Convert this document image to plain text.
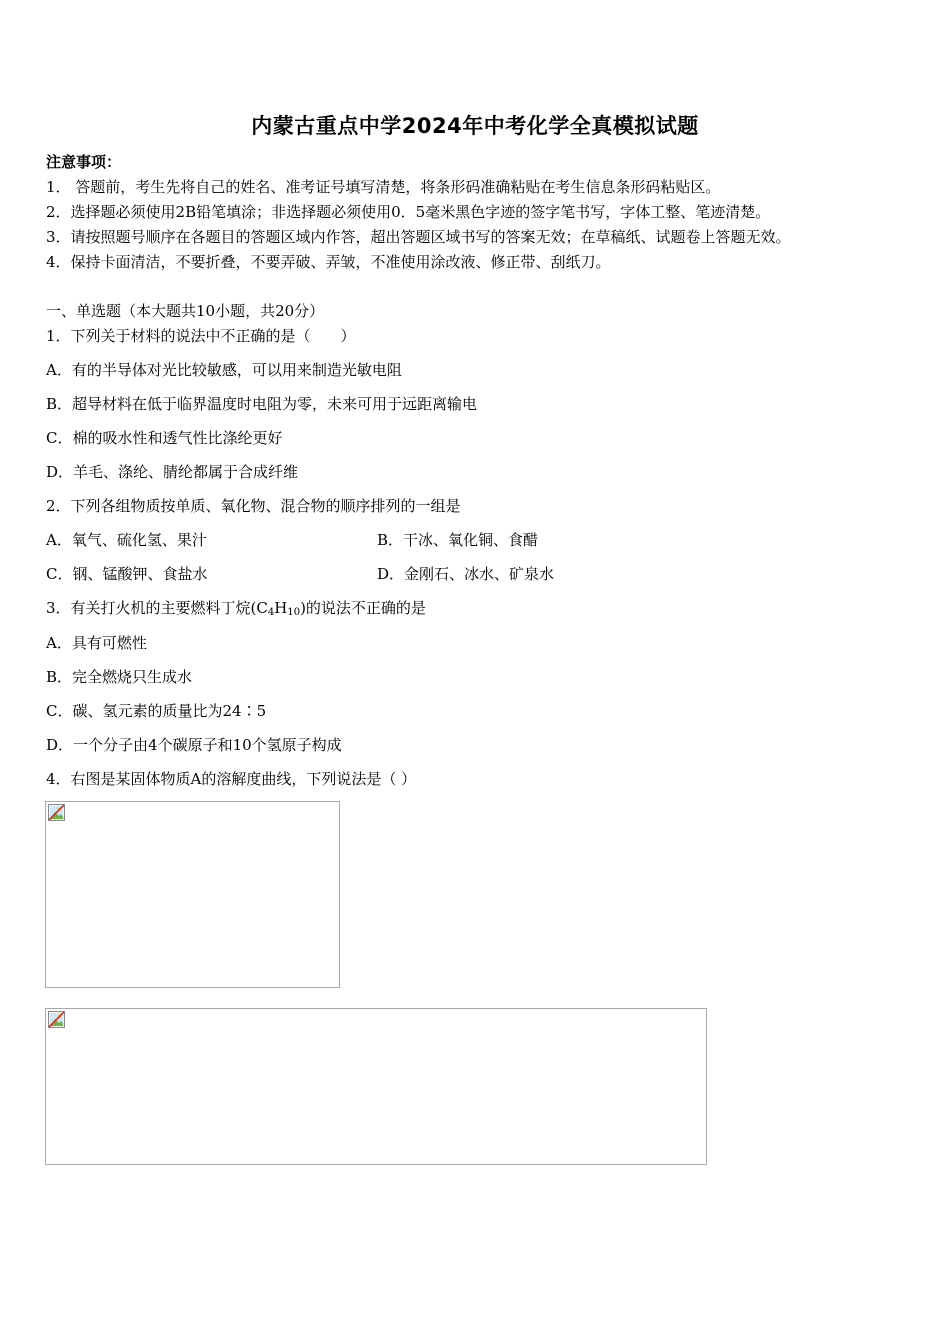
内蒙古重点中学2024年中考化学全真模拟试题
注意事项：
1． 答题前，考生先将自己的姓名、准考证号填写清楚，将条形码准确粘贴在考生信息条形码粘贴区。
2．选择题必须使用2B铅笔填涂；非选择题必须使用0．5毫米黑色字迹的签字笔书写，字体工整、笔迹清楚。
3．请按照题号顺序在各题目的答题区域内作答，超出答题区域书写的答案无效；在草稿纸、试题卷上答题无效。
4．保持卡面清洁，不要折叠，不要弄破、弄皱，不准使用涂改液、修正带、刮纸刀。
一、单选题（本大题共10小题，共20分）
1．下列关于材料的说法中不正确的是（　　）
A．有的半导体对光比较敏感，可以用来制造光敏电阻
B．超导材料在低于临界温度时电阻为零，未来可用于远距离输电
C．棉的吸水性和透气性比涤纶更好
D．羊毛、涤纶、腈纶都属于合成纤维
2．下列各组物质按单质、氧化物、混合物的顺序排列的一组是
A．氧气、硫化氢、果汁	B．干冰、氧化铜、食醋
C．钢、锰酸钾、食盐水	D．金刚石、冰水、矿泉水
3．有关打火机的主要燃料丁烷$(C_4H_{10})$的说法不正确的是
A．具有可燃性
B．完全燃烧只生成水
C．碳、氢元素的质量比为24∶5
D．一个分子由4个碳原子和10个氢原子构成
4．右图是某固体物质A的溶解度曲线，下列说法是（ ）
